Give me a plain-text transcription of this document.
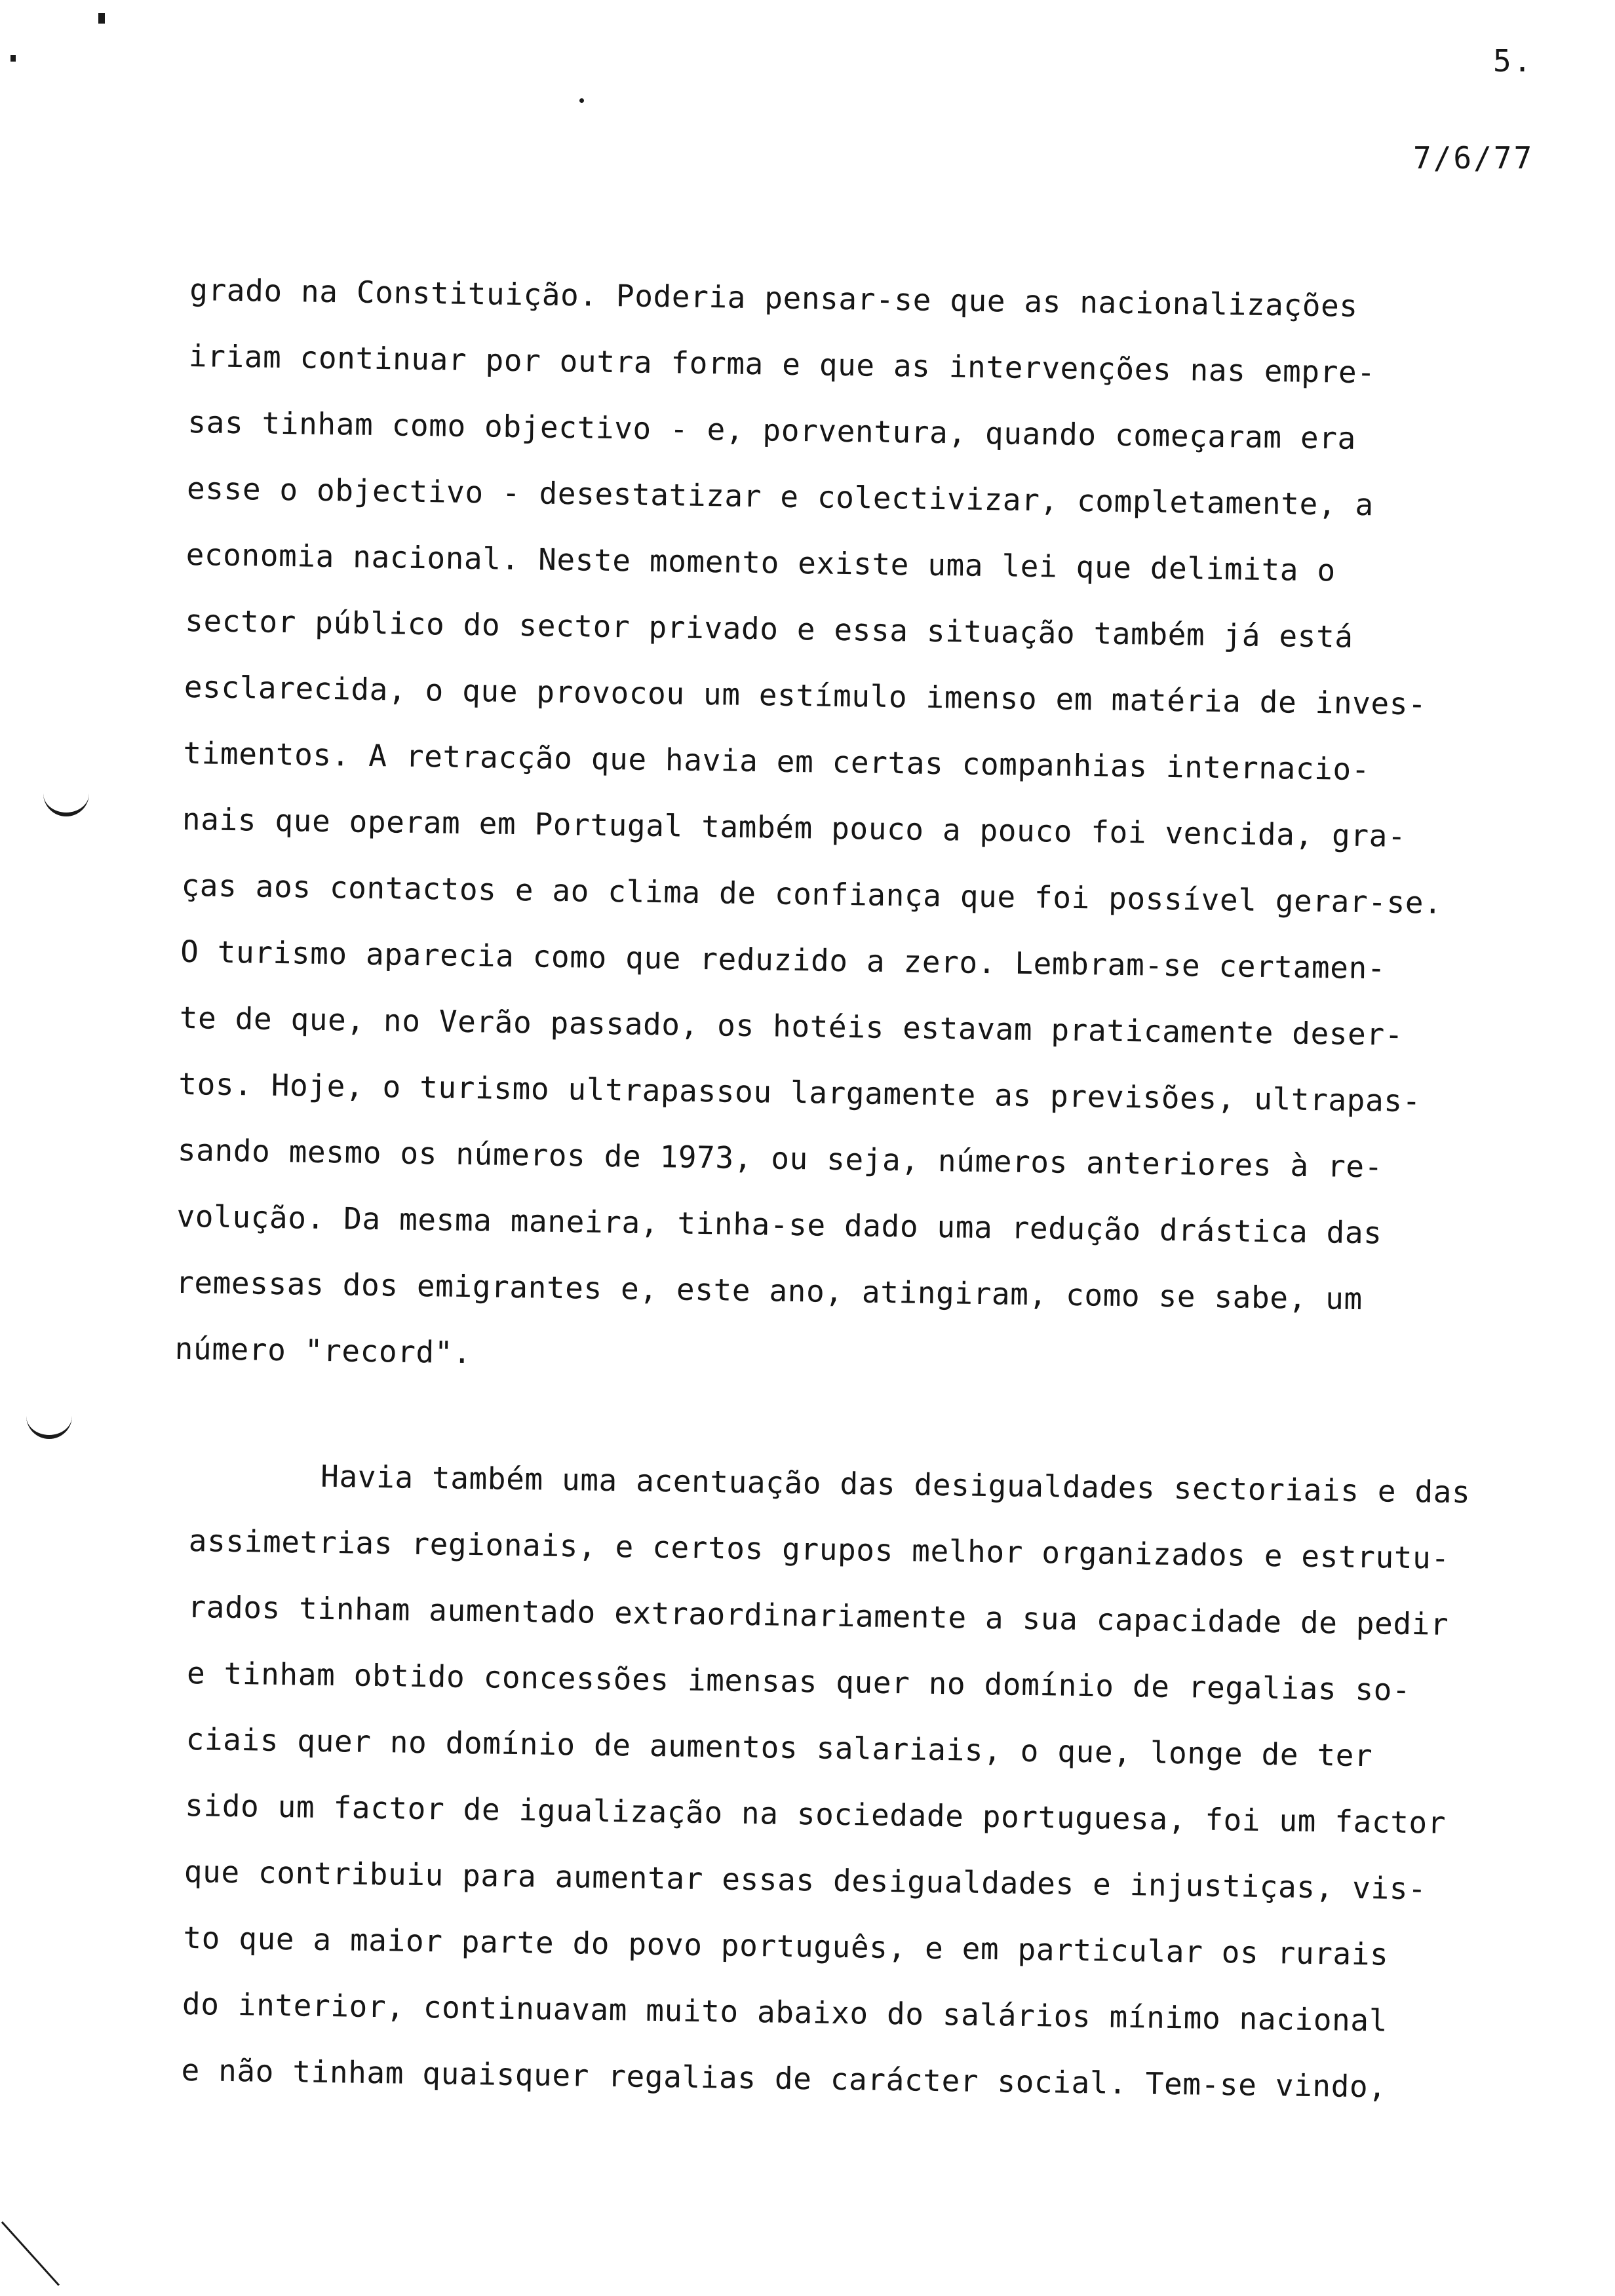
5.
7/6/77
grado na Constituição. Poderia pensar-se que as nacionalizações
iriam continuar por outra forma e que as intervenções nas empre-
sas tinham como objectivo - e, porventura, quando começaram era
esse o objectivo - desestatizar e colectivizar, completamente, a
economia nacional. Neste momento existe uma lei que delimita o
sector público do sector privado e essa situação também já está
esclarecida, o que provocou um estímulo imenso em matéria de inves-
timentos. A retracção que havia em certas companhias internacio-
nais que operam em Portugal também pouco a pouco foi vencida, gra-
ças aos contactos e ao clima de confiança que foi possível gerar-se.
O turismo aparecia como que reduzido a zero. Lembram-se certamen-
te de que, no Verão passado, os hotéis estavam praticamente deser-
tos. Hoje, o turismo ultrapassou largamente as previsões, ultrapas-
sando mesmo os números de 1973, ou seja, números anteriores à re-
volução. Da mesma maneira, tinha-se dado uma redução drástica das
remessas dos emigrantes e, este ano, atingiram, como se sabe, um
número "record".
Havia também uma acentuação das desigualdades sectoriais e das
assimetrias regionais, e certos grupos melhor organizados e estrutu-
rados tinham aumentado extraordinariamente a sua capacidade de pedir
e tinham obtido concessões imensas quer no domínio de regalias so-
ciais quer no domínio de aumentos salariais, o que, longe de ter
sido um factor de igualização na sociedade portuguesa, foi um factor
que contribuiu para aumentar essas desigualdades e injustiças, vis-
to que a maior parte do povo português, e em particular os rurais
do interior, continuavam muito abaixo do salários mínimo nacional
e não tinham quaisquer regalias de carácter social. Tem-se vindo,
